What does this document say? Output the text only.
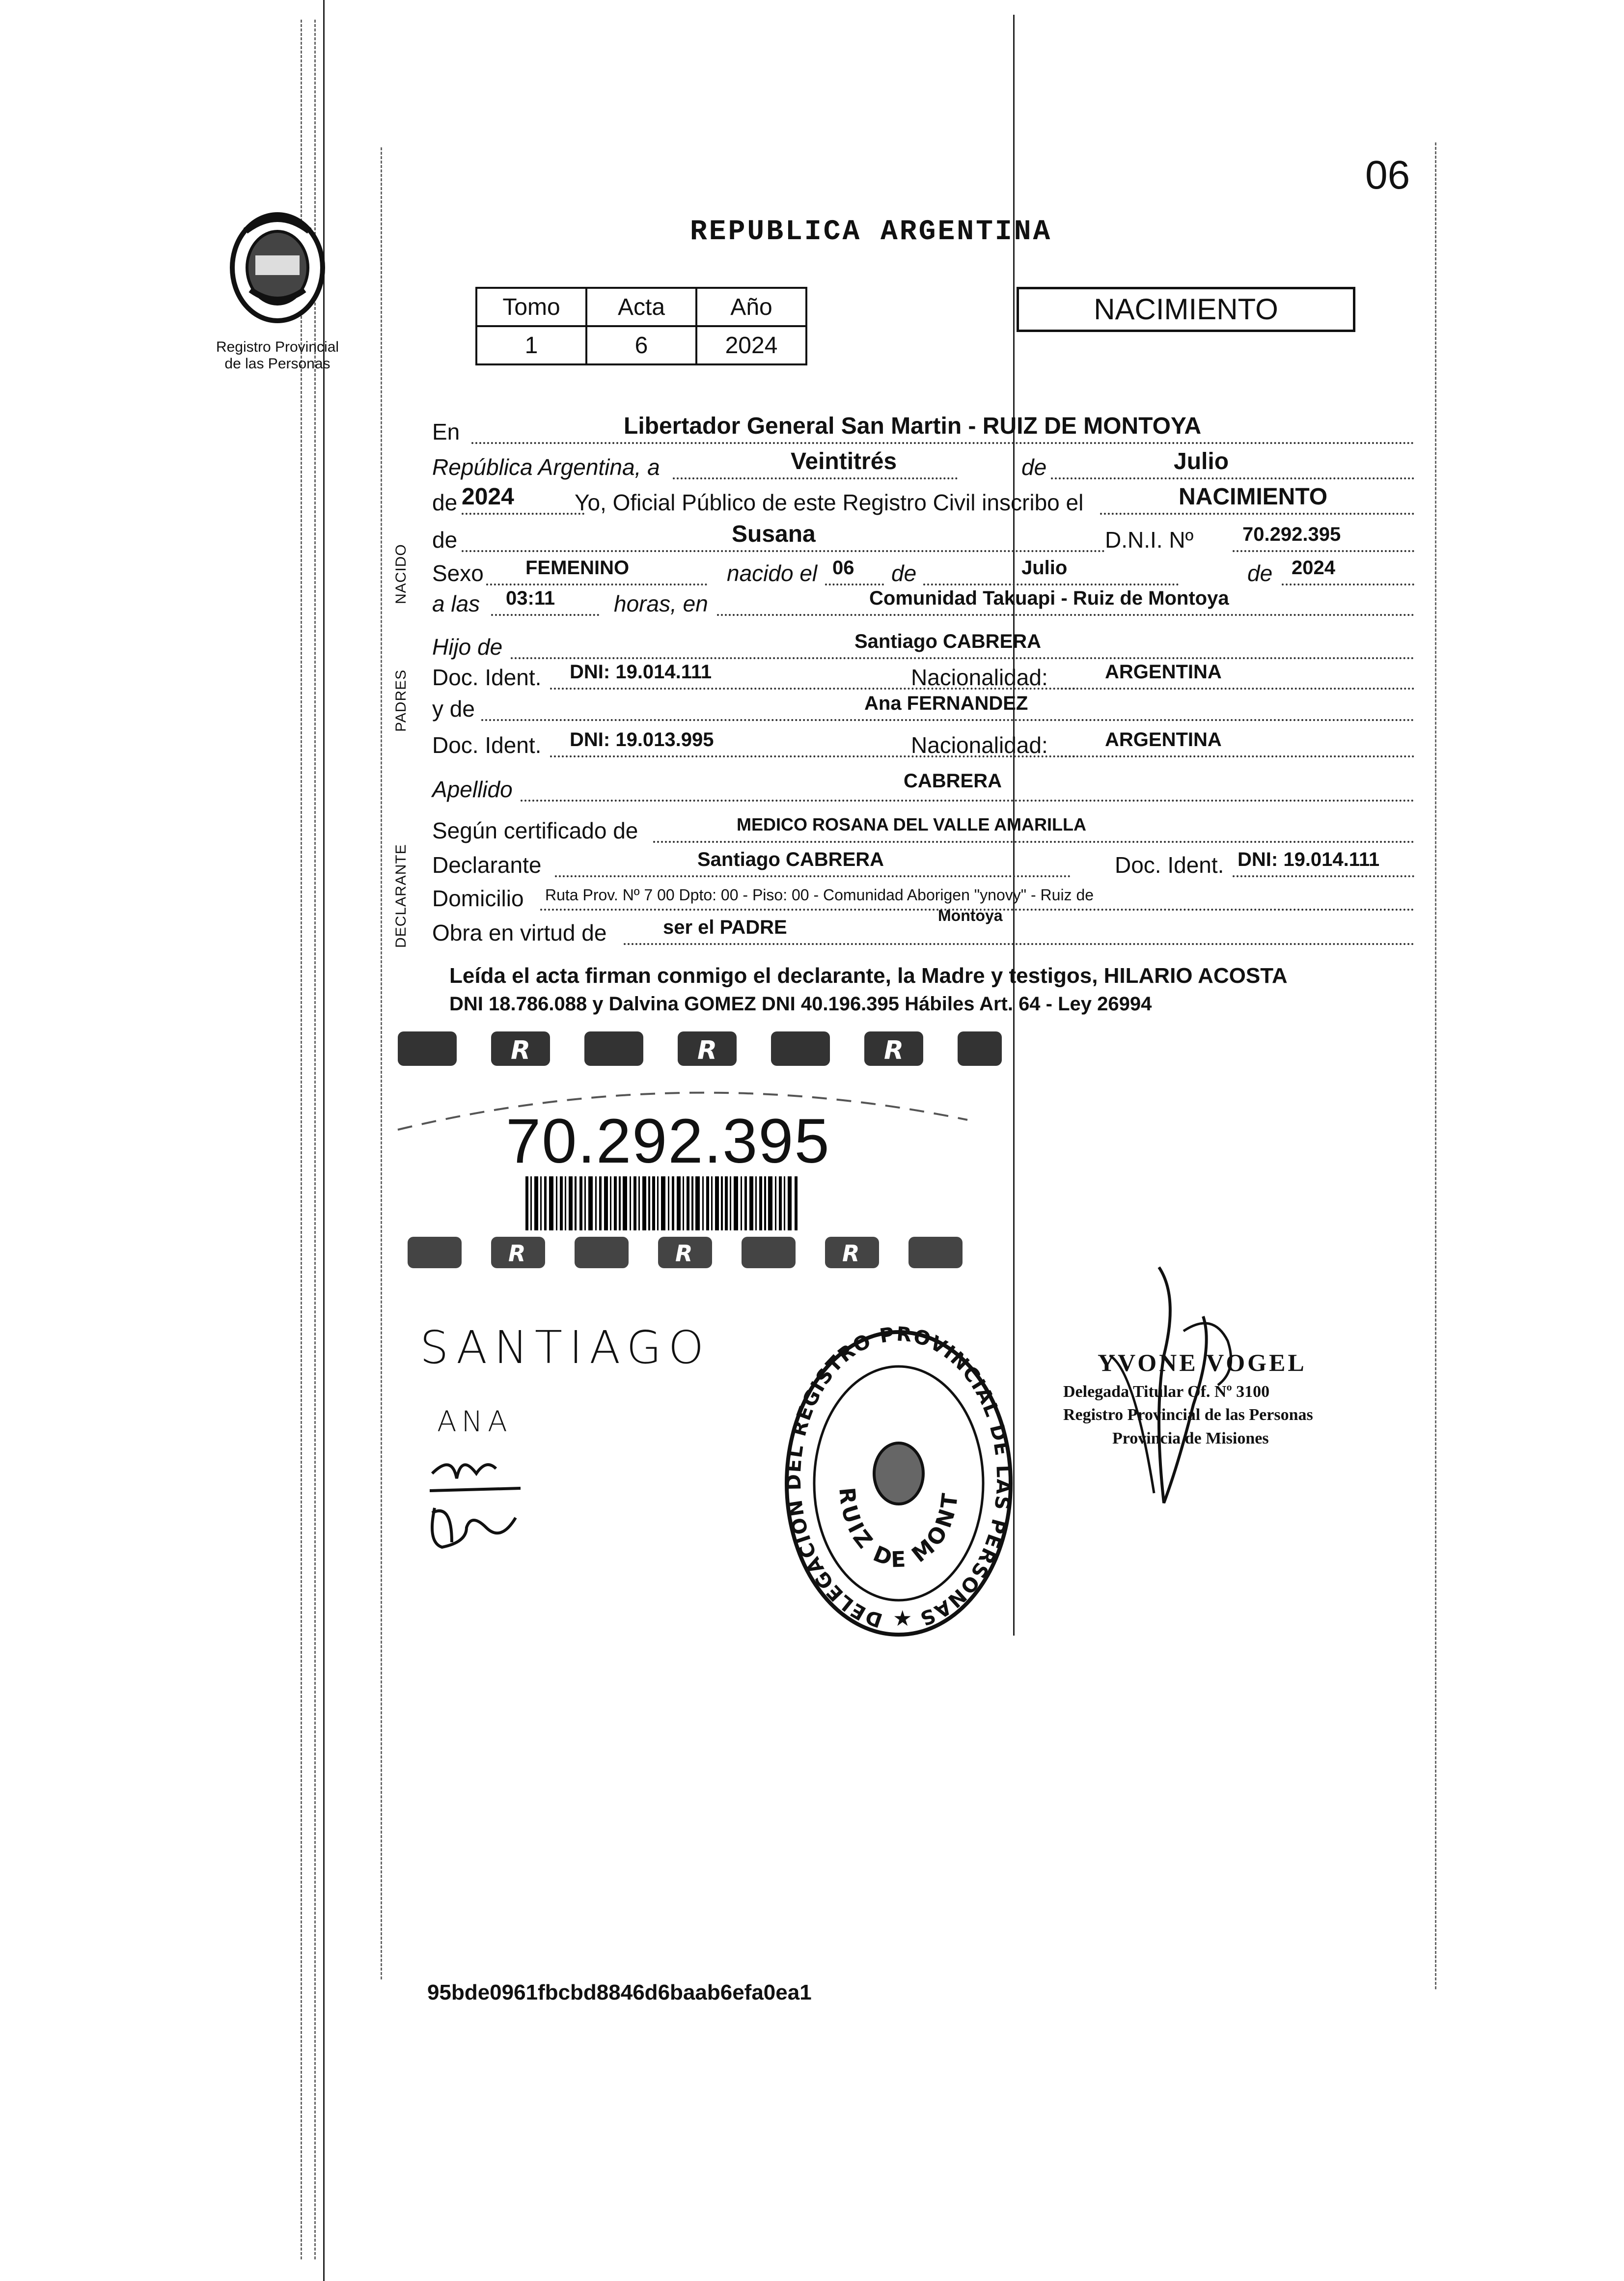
06
Registro Provincial
de las Personas
REPUBLICA ARGENTINA
Tomo	Acta	Año
1	6	2024
NACIMIENTO
NACIDO
PADRES
DECLARANTE
En	Libertador General San Martin - RUIZ DE MONTOYA
República Argentina, a	Veintitrés	de	Julio
de 2024	Yo, Oficial Público de este Registro Civil inscribo el	NACIMIENTO
de	Susana	D.N.I. Nº 70.292.395
Sexo FEMENINO	nacido el 06 de	Julio	de 2024
a las 03:11	horas, en	Comunidad Takuapi - Ruiz de Montoya
Hijo de	Santiago CABRERA
Doc. Ident. DNI: 19.014.111	Nacionalidad:	ARGENTINA
y de	Ana FERNANDEZ
Doc. Ident. DNI: 19.013.995	Nacionalidad:	ARGENTINA
Apellido	CABRERA
Según certificado de	MEDICO ROSANA DEL VALLE AMARILLA
Declarante	Santiago CABRERA	Doc. Ident. DNI: 19.014.111
Domicilio Ruta Prov. Nº 7 00 Dpto: 00 - Piso: 00 - Comunidad Aborigen "ynovy" - Ruiz de
Obra en virtud de	ser el PADRE
Montoya
Leída el acta firman conmigo el declarante, la Madre y testigos, HILARIO ACOSTA
DNI 18.786.088 y Dalvina GOMEZ DNI 40.196.395 Hábiles Art. 64 - Ley 26994
R	R	R
70.292.395
R	R	R
SANTIAGO
ANA
DELEGACION DEL REGISTRO PROVINCIAL DE LAS PERSONAS
RUIZ DE MONT
★
YVONE VOGEL
Delegada Titular Of. Nº 3100
Registro Provincial de las Personas
Provincia de Misiones
95bde0961fbcbd8846d6baab6efa0ea1
